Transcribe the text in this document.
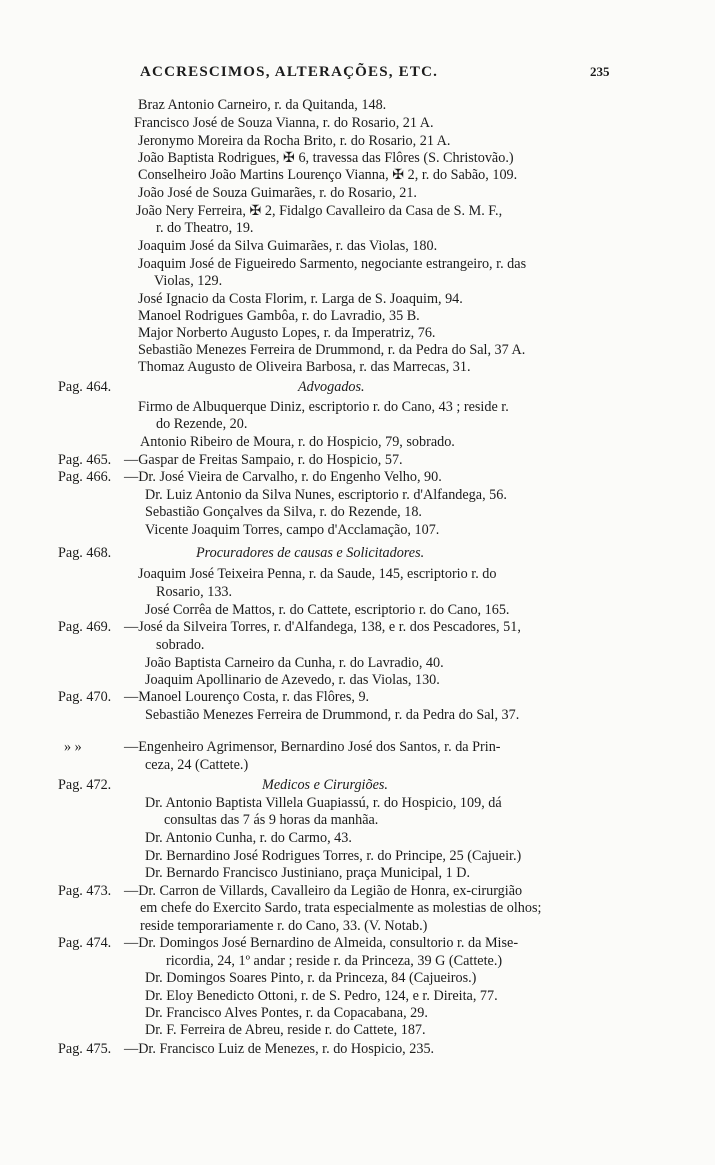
ACCRESCIMOS, ALTERAÇÕES, ETC.	235
Braz Antonio Carneiro, r. da Quitanda, 148.
Francisco José de Souza Vianna, r. do Rosario, 21 A.
Jeronymo Moreira da Rocha Brito, r. do Rosario, 21 A.
João Baptista Rodrigues, ✠ 6, travessa das Flôres (S. Christovão.)
Conselheiro João Martins Lourenço Vianna, ✠ 2, r. do Sabão, 109.
João José de Souza Guimarães, r. do Rosario, 21.
João Nery Ferreira, ✠ 2, Fidalgo Cavalleiro da Casa de S. M. F.,
r. do Theatro, 19.
Joaquim José da Silva Guimarães, r. das Violas, 180.
Joaquim José de Figueiredo Sarmento, negociante estrangeiro, r. das
Violas, 129.
José Ignacio da Costa Florim, r. Larga de S. Joaquim, 94.
Manoel Rodrigues Gambôa, r. do Lavradio, 35 B.
Major Norberto Augusto Lopes, r. da Imperatriz, 76.
Sebastião Menezes Ferreira de Drummond, r. da Pedra do Sal, 37 A.
Thomaz Augusto de Oliveira Barbosa, r. das Marrecas, 31.
Pag. 464.	Advogados.
Firmo de Albuquerque Diniz, escriptorio r. do Cano, 43 ; reside r.
do Rezende, 20.
Antonio Ribeiro de Moura, r. do Hospicio, 79, sobrado.
Pag. 465. —Gaspar de Freitas Sampaio, r. do Hospicio, 57.
Pag. 466. —Dr. José Vieira de Carvalho, r. do Engenho Velho, 90.
Dr. Luiz Antonio da Silva Nunes, escriptorio r. d'Alfandega, 56.
Sebastião Gonçalves da Silva, r. do Rezende, 18.
Vicente Joaquim Torres, campo d'Acclamação, 107.
Pag. 468.	Procuradores de causas e Solicitadores.
Joaquim José Teixeira Penna, r. da Saude, 145, escriptorio r. do
Rosario, 133.
José Corrêa de Mattos, r. do Cattete, escriptorio r. do Cano, 165.
Pag. 469. —José da Silveira Torres, r. d'Alfandega, 138, e r. dos Pescadores, 51,
sobrado.
João Baptista Carneiro da Cunha, r. do Lavradio, 40.
Joaquim Apollinario de Azevedo, r. das Violas, 130.
Pag. 470. —Manoel Lourenço Costa, r. das Flôres, 9.
Sebastião Menezes Ferreira de Drummond, r. da Pedra do Sal, 37.
» »	—Engenheiro Agrimensor, Bernardino José dos Santos, r. da Prin-
ceza, 24 (Cattete.)
Pag. 472.	Medicos e Cirurgiões.
Dr. Antonio Baptista Villela Guapiassú, r. do Hospicio, 109, dá
consultas das 7 ás 9 horas da manhãa.
Dr. Antonio Cunha, r. do Carmo, 43.
Dr. Bernardino José Rodrigues Torres, r. do Principe, 25 (Cajueir.)
Dr. Bernardo Francisco Justiniano, praça Municipal, 1 D.
Pag. 473. —Dr. Carron de Villards, Cavalleiro da Legião de Honra, ex-cirurgião
em chefe do Exercito Sardo, trata especialmente as molestias de olhos;
reside temporariamente r. do Cano, 33. (V. Notab.)
Pag. 474. —Dr. Domingos José Bernardino de Almeida, consultorio r. da Mise-
ricordia, 24, 1º andar ; reside r. da Princeza, 39 G (Cattete.)
Dr. Domingos Soares Pinto, r. da Princeza, 84 (Cajueiros.)
Dr. Eloy Benedicto Ottoni, r. de S. Pedro, 124, e r. Direita, 77.
Dr. Francisco Alves Pontes, r. da Copacabana, 29.
Dr. F. Ferreira de Abreu, reside r. do Cattete, 187.
Pag. 475. —Dr. Francisco Luiz de Menezes, r. do Hospicio, 235.
